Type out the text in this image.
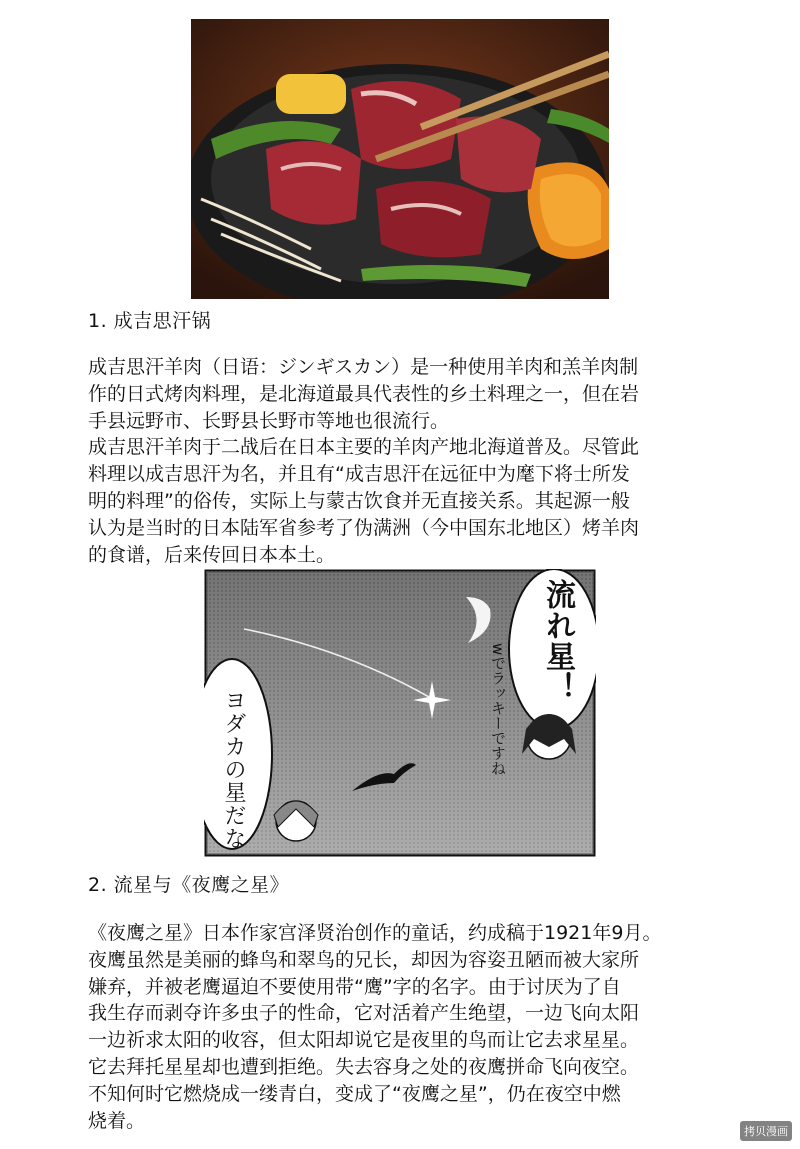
1. 成吉思汗锅

成吉思汗羊肉（日语：ジンギスカン）是一种使用羊肉和羔羊肉制
作的日式烤肉料理，是北海道最具代表性的乡土料理之一，但在岩
手县远野市、长野县长野市等地也很流行。
成吉思汗羊肉于二战后在日本主要的羊肉产地北海道普及。尽管此
料理以成吉思汗为名，并且有“成吉思汗在远征中为麾下将士所发
明的料理”的俗传，实际上与蒙古饮食并无直接关系。其起源一般
认为是当时的日本陆军省参考了伪满洲（今中国东北地区）烤羊肉
的食谱，后来传回日本本土。

流れ星！
wでラッキーですね
ヨダカの星だな
2. 流星与《夜鹰之星》

《夜鹰之星》日本作家宫泽贤治创作的童话，约成稿于1921年9月。
夜鹰虽然是美丽的蜂鸟和翠鸟的兄长，却因为容姿丑陋而被大家所
嫌弃，并被老鹰逼迫不要使用带“鹰”字的名字。由于讨厌为了自
我生存而剥夺许多虫子的性命，它对活着产生绝望，一边飞向太阳
一边祈求太阳的收容，但太阳却说它是夜里的鸟而让它去求星星。
它去拜托星星却也遭到拒绝。失去容身之处的夜鹰拼命飞向夜空。
不知何时它燃烧成一缕青白，变成了“夜鹰之星”，仍在夜空中燃
烧着。	拷贝漫画
